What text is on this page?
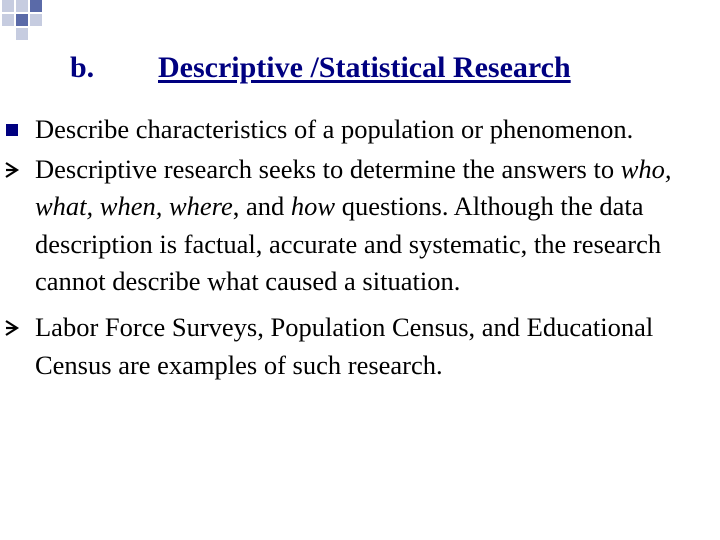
b. Descriptive /Statistical Research

Describe characteristics of a population or phenomenon.

Descriptive research seeks to determine the answers to who, what, when, where, and how questions. Although the data description is factual, accurate and systematic, the research cannot describe what caused a situation.

Labor Force Surveys, Population Census, and Educational Census are examples of such research.
